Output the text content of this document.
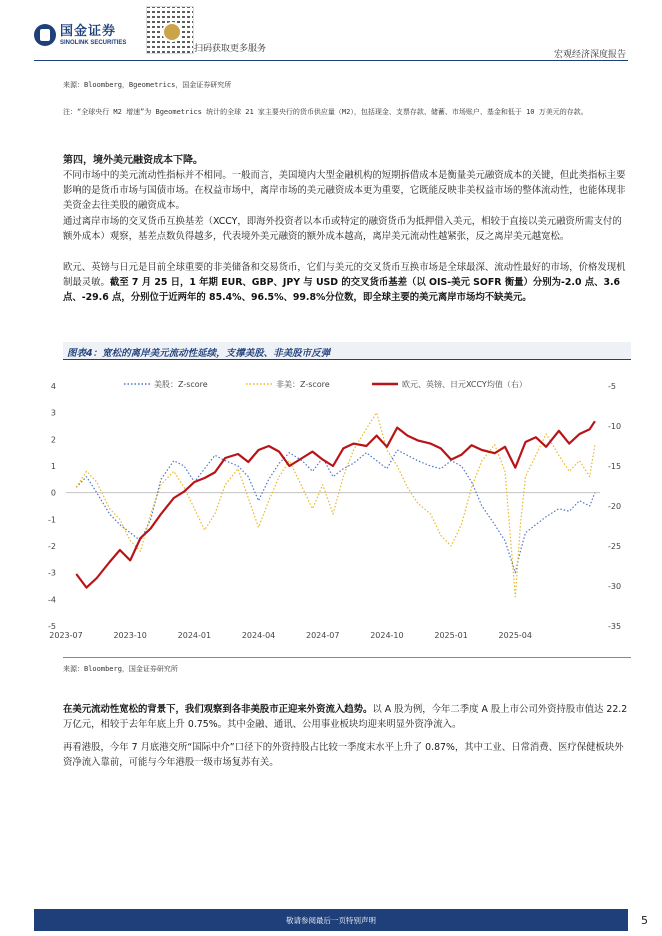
国金证券
SINOLINK SECURITIES
扫码获取更多服务
宏观经济深度报告
来源：Bloomberg，Bgeometrics，国金证券研究所
注：“全球央行 M2 增速”为 Bgeometrics 统计的全球 21 家主要央行的货币供应量（M2），包括现金、支票存款、储蓄、市场账户、基金和低于 10 万美元的存款。
第四，境外美元融资成本下降。
不同市场中的美元流动性指标并不相同。一般而言，美国境内大型金融机构的短期拆借成本是衡量美元融资成本的关键，但此类指标主要影响的是货币市场与国债市场。在权益市场中，离岸市场的美元融资成本更为重要，它既能反映非美权益市场的整体流动性，也能体现非美资金去往美股的融资成本。
通过离岸市场的交叉货币互换基差（XCCY，即海外投资者以本币或特定的融资货币为抵押借入美元，相较于直接以美元融资所需支付的额外成本）观察，基差点数负得越多，代表境外美元融资的额外成本越高，离岸美元流动性越紧张，反之离岸美元越宽松。
欧元、英镑与日元是目前全球重要的非美储备和交易货币，它们与美元的交叉货币互换市场是全球最深、流动性最好的市场，价格发现机制最灵敏。截至 7 月 25 日，1 年期 EUR、GBP、JPY 与 USD 的交叉货币基差（以 OIS-美元 SOFR 衡量）分别为-2.0 点、3.6 点、-29.6 点，分别位于近两年的 85.4%、96.5%、99.8%分位数，即全球主要的美元离岸市场均不缺美元。
图表4：宽松的离岸美元流动性延续，支撑美股、非美股市反弹
4
3
2
1
0
-1
-2
-3
-4
-5
-5
-10
-15
-20
-25
-30
-35
2023-07	2023-10	2024-01	2024-04	2024-07	2024-10	2025-01	2025-04
美股：Z-score	非美：Z-score	欧元、英镑、日元XCCY均值（右）
来源：Bloomberg，国金证券研究所
在美元流动性宽松的背景下，我们观察到各非美股市正迎来外资流入趋势。以 A 股为例，今年二季度 A 股上市公司外资持股市值达 22.2 万亿元，相较于去年年底上升 0.75%。其中金融、通讯、公用事业板块均迎来明显外资净流入。
再看港股，今年 7 月底港交所“国际中介”口径下的外资持股占比较一季度末水平上升了 0.87%，其中工业、日常消费、医疗保健板块外资净流入靠前，可能与今年港股一级市场复苏有关。
敬请参阅最后一页特别声明	5
